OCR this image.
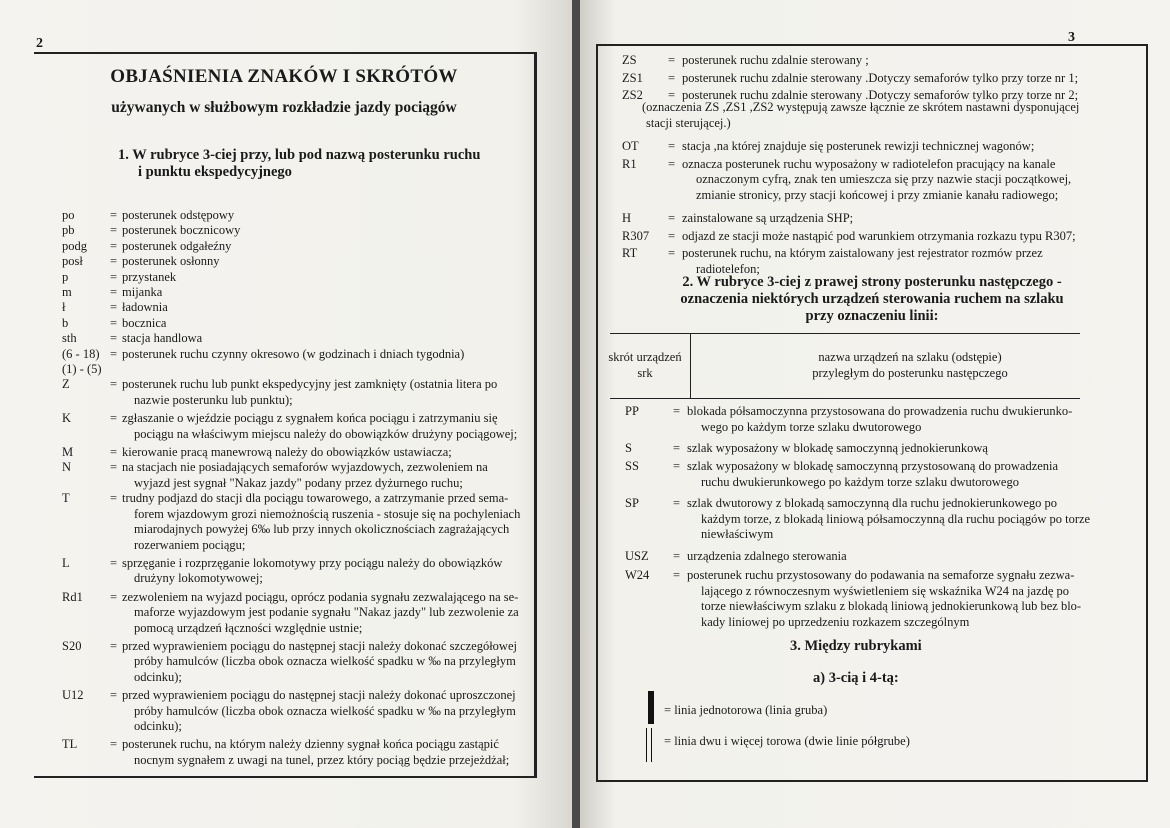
2
OBJAŚNIENIA ZNAKÓW I SKRÓTÓW
używanych w służbowym rozkładzie jazdy pociągów
1. W rubryce 3-ciej przy, lub pod nazwą posterunku ruchu
i punktu ekspedycyjnego
po	= posterunek odstępowy
pb	= posterunek bocznicowy
podg = posterunek odgałeźny
posł = posterunek osłonny
p	= przystanek
m	= mijanka
ł	= ładownia
b	= bocznica
sth	= stacja handlowa
(6 - 18) = posterunek ruchu czynny okresowo (w godzinach i dniach tygodnia)
(1) - (5)
Z	= posterunek ruchu lub punkt ekspedycyjny jest zamknięty (ostatnia litera po
nazwie posterunku lub punktu);
K	= zgłaszanie o wjeździe pociągu z sygnałem końca pociągu i zatrzymaniu się
pociągu na właściwym miejscu należy do obowiązków drużyny pociągowej;
M	= kierowanie pracą manewrową należy do obowiązków ustawiacza;
N	= na stacjach nie posiadających semaforów wyjazdowych, zezwoleniem na
wyjazd jest sygnał "Nakaz jazdy" podany przez dyżurnego ruchu;
T	= trudny podjazd do stacji dla pociągu towarowego, a zatrzymanie przed sema-
forem wjazdowym grozi niemożnością ruszenia - stosuje się na pochyleniach
miarodajnych powyżej 6‰ lub przy innych okolicznościach zagrażających
rozerwaniem pociągu;
L	= sprzęganie i rozprzęganie lokomotywy przy pociągu należy do obowiązków
drużyny lokomotywowej;
Rd1 = zezwoleniem na wyjazd pociągu, oprócz podania sygnału zezwalającego na se-
maforze wyjazdowym jest podanie sygnału "Nakaz jazdy" lub zezwolenie za
pomocą urządzeń łączności względnie ustnie;
S20 = przed wyprawieniem pociągu do następnej stacji należy dokonać szczegółowej
próby hamulców (liczba obok oznacza wielkość spadku w ‰ na przyległym
odcinku);
U12 = przed wyprawieniem pociągu do następnej stacji należy dokonać uproszczonej
próby hamulców (liczba obok oznacza wielkość spadku w ‰ na przyległym
odcinku);
TL	= posterunek ruchu, na którym należy dzienny sygnał końca pociągu zastąpić
nocnym sygnałem z uwagi na tunel, przez który pociąg będzie przejeżdżał;
3
ZS	= posterunek ruchu zdalnie sterowany ;
ZS1 = posterunek ruchu zdalnie sterowany .Dotyczy semaforów tylko przy torze nr 1;
ZS2 = posterunek ruchu zdalnie sterowany .Dotyczy semaforów tylko przy torze nr 2;
(oznaczenia ZS ,ZS1 ,ZS2 występują zawsze łącznie ze skrótem nastawni dysponującej
stacji sterującej.)
OT = stacja ,na której znajduje się posterunek rewizji technicznej wagonów;
R1	= oznacza posterunek ruchu wyposażony w radiotelefon pracujący na kanale
oznaczonym cyfrą, znak ten umieszcza się przy nazwie stacji początkowej,
zmianie stronicy, przy stacji końcowej i przy zmianie kanału radiowego;
H	= zainstalowane są urządzenia SHP;
R307 = odjazd ze stacji może nastąpić pod warunkiem otrzymania rozkazu typu R307;
RT = posterunek ruchu, na którym zaistalowany jest rejestrator rozmów przez
radiotelefon;
2. W rubryce 3-ciej z prawej strony posterunku następczego -
oznaczenia niektórych urządzeń sterowania ruchem na szlaku
przy oznaczeniu linii:
skrót urządzeń
srk
nazwa urządzeń na szlaku (odstępie)
przyległym do posterunku następczego
PP	= blokada półsamoczynna przystosowana do prowadzenia ruchu dwukierunko-
wego po każdym torze szlaku dwutorowego
S	= szlak wyposażony w blokadę samoczynną jednokierunkową
SS	= szlak wyposażony w blokadę samoczynną przystosowaną do prowadzenia
ruchu dwukierunkowego po każdym torze szlaku dwutorowego
SP	= szlak dwutorowy z blokadą samoczynną dla ruchu jednokierunkowego po
każdym torze, z blokadą liniową półsamoczynną dla ruchu pociągów po torze
niewłaściwym
USZ = urządzenia zdalnego sterowania
W24 = posterunek ruchu przystosowany do podawania na semaforze sygnału zezwa-
lającego z równoczesnym wyświetleniem się wskaźnika W24 na jazdę po
torze niewłaściwym szlaku z blokadą liniową jednokierunkową lub bez blo-
kady liniowej po uprzedzeniu rozkazem szczególnym
3. Między rubrykami
a) 3-cią i 4-tą:
= linia jednotorowa (linia gruba)
= linia dwu i więcej torowa (dwie linie półgrube)
